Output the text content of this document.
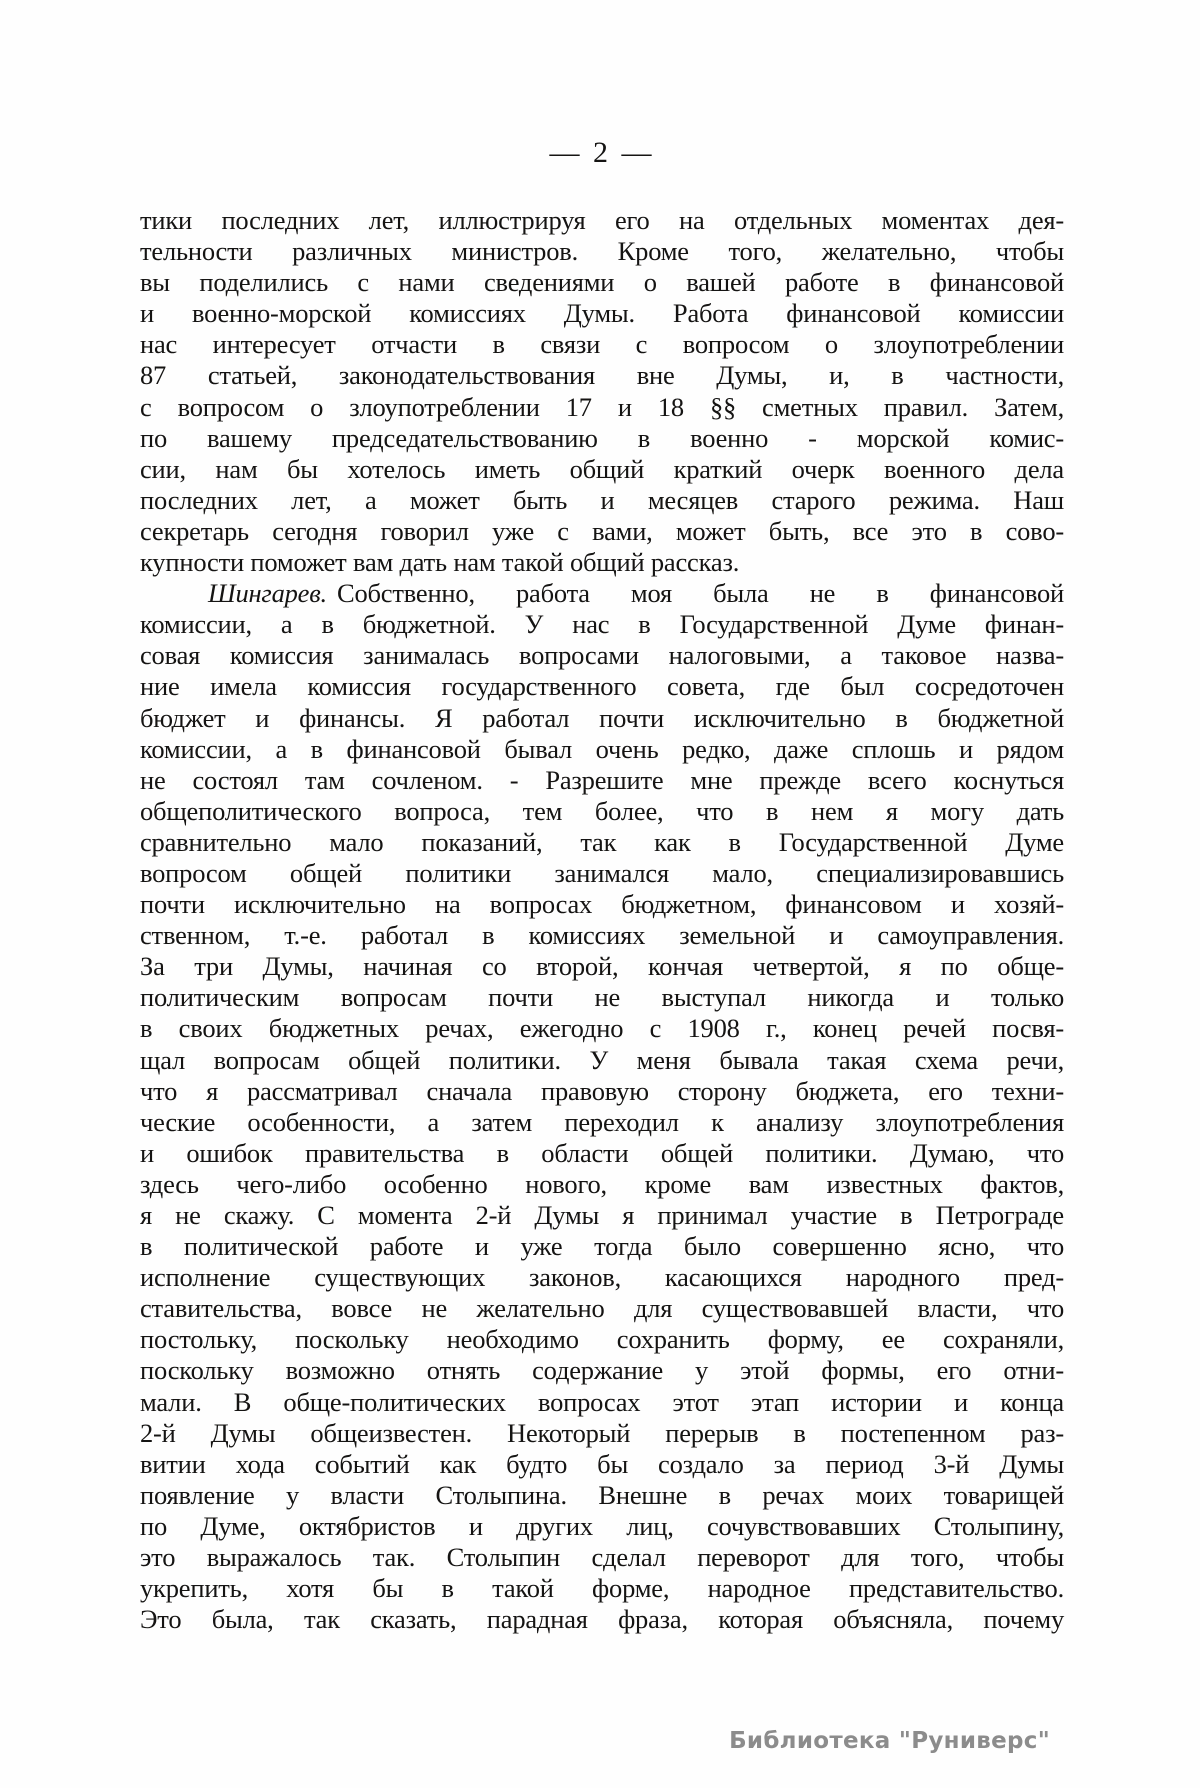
— 2 —
тики последних лет, иллюстрируя его на отдельных моментах дея-
тельности различных министров. Кроме того, желательно, чтобы
вы поделились с нами сведениями о вашей работе в финансовой
и военно-морской комиссиях Думы. Работа финансовой комиссии
нас интересует отчасти в связи с вопросом о злоупотреблении
87 статьей, законодательствования вне Думы, и, в частности,
с вопросом о злоупотреблении 17 и 18 §§ сметных правил. Затем,
по вашему председательствованию в военно - морской комис-
сии, нам бы хотелось иметь общий краткий очерк военного дела
последних лет, а может быть и месяцев старого режима. Наш
секретарь сегодня говорил уже с вами, может быть, все это в сово-
купности поможет вам дать нам такой общий рассказ.
Шингарев. Собственно, работа моя была не в финансовой
комиссии, а в бюджетной. У нас в Государственной Думе финан-
совая комиссия занималась вопросами налоговыми, а таковое назва-
ние имела комиссия государственного совета, где был сосредоточен
бюджет и финансы. Я работал почти исключительно в бюджетной
комиссии, а в финансовой бывал очень редко, даже сплошь и рядом
не состоял там сочленом. - Разрешите мне прежде всего коснуться
общеполитического вопроса, тем более, что в нем я могу дать
сравнительно мало показаний, так как в Государственной Думе
вопросом общей политики занимался мало, специализировавшись
почти исключительно на вопросах бюджетном, финансовом и хозяй-
ственном, т.-е. работал в комиссиях земельной и самоуправления.
За три Думы, начиная со второй, кончая четвертой, я по обще-
политическим вопросам почти не выступал никогда и только
в своих бюджетных речах, ежегодно с 1908 г., конец речей посвя-
щал вопросам общей политики. У меня бывала такая схема речи,
что я рассматривал сначала правовую сторону бюджета, его техни-
ческие особенности, а затем переходил к анализу злоупотребления
и ошибок правительства в области общей политики. Думаю, что
здесь чего-либо особенно нового, кроме вам известных фактов,
я не скажу. С момента 2-й Думы я принимал участие в Петрограде
в политической работе и уже тогда было совершенно ясно, что
исполнение существующих законов, касающихся народного пред-
ставительства, вовсе не желательно для существовавшей власти, что
постольку, поскольку необходимо сохранить форму, ее сохраняли,
поскольку возможно отнять содержание у этой формы, его отни-
мали. В обще-политических вопросах этот этап истории и конца
2-й Думы общеизвестен. Некоторый перерыв в постепенном раз-
витии хода событий как будто бы создало за период 3-й Думы
появление у власти Столыпина. Внешне в речах моих товарищей
по Думе, октябристов и других лиц, сочувствовавших Столыпину,
это выражалось так. Столыпин сделал переворот для того, чтобы
укрепить, хотя бы в такой форме, народное представительство.
Это была, так сказать, парадная фраза, которая объясняла, почему
Библиотека "Руниверс"
